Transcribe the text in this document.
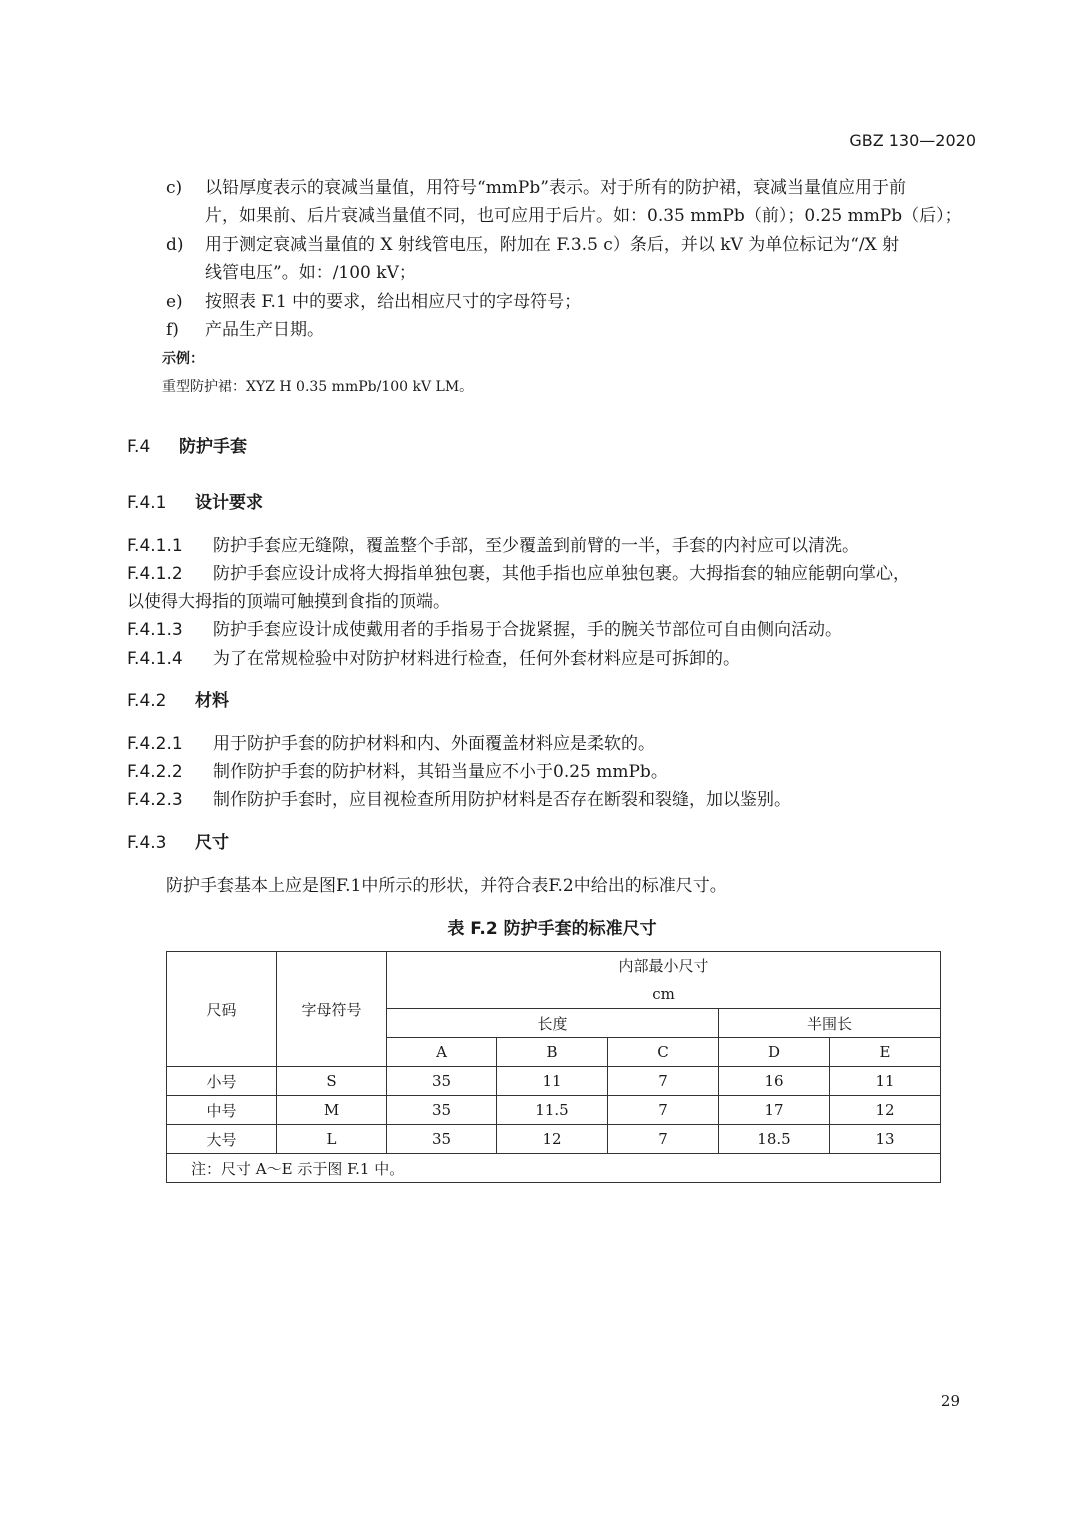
GBZ 130—2020
c) 以铅厚度表示的衰减当量值，用符号“mmPb”表示。对于所有的防护裙，衰减当量值应用于前
片，如果前、后片衰减当量值不同，也可应用于后片。如：0.35 mmPb（前）；0.25 mmPb（后）；
d) 用于测定衰减当量值的 X 射线管电压，附加在 F.3.5 c）条后，并以 kV 为单位标记为“/X 射
线管电压”。如：/100 kV；
e) 按照表 F.1 中的要求，给出相应尺寸的字母符号；
f) 产品生产日期。
示例：
重型防护裙：XYZ H 0.35 mmPb/100 kV LM。
F.4 防护手套
F.4.1 设计要求
F.4.1.1 防护手套应无缝隙，覆盖整个手部，至少覆盖到前臂的一半，手套的内衬应可以清洗。
F.4.1.2 防护手套应设计成将大拇指单独包裹，其他手指也应单独包裹。大拇指套的轴应能朝向掌心，
以使得大拇指的顶端可触摸到食指的顶端。
F.4.1.3 防护手套应设计成使戴用者的手指易于合拢紧握，手的腕关节部位可自由侧向活动。
F.4.1.4 为了在常规检验中对防护材料进行检查，任何外套材料应是可拆卸的。
F.4.2 材料
F.4.2.1 用于防护手套的防护材料和内、外面覆盖材料应是柔软的。
F.4.2.2 制作防护手套的防护材料，其铅当量应不小于0.25 mmPb。
F.4.2.3 制作防护手套时，应目视检查所用防护材料是否存在断裂和裂缝，加以鉴别。
F.4.3 尺寸
防护手套基本上应是图F.1中所示的形状，并符合表F.2中给出的标准尺寸。
表 F.2 防护手套的标准尺寸
尺码	字母符号	内部最小尺寸
cm				

		长度			半围长	
		A	B	C	D	E
小号	S	35	11	7	16	11
中号	M	35	11.5	7	17	12
大号	L	35	12	7	18.5	13
注：尺寸 A～E 示于图 F.1 中。						
29
